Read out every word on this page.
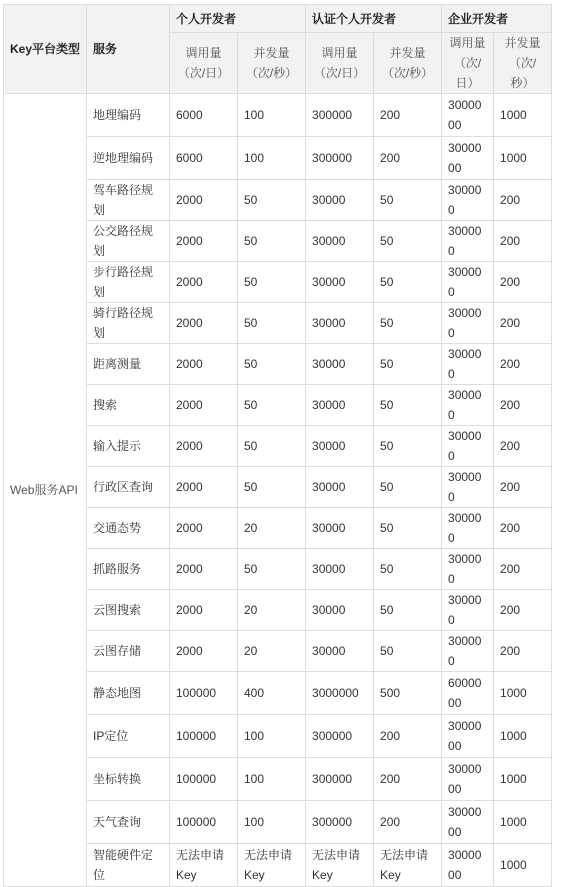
Key平台类型	服务	个人开发者		认证个人开发者		企业开发者	
		调用量（次/日）	并发量（次/秒）	调用量（次/日）	并发量（次/秒）	调用量（次/日）	并发量（次/秒）
Web服务API	地理编码	6000	100	300000	200	3000000	1000
	逆地理编码	6000	100	300000	200	3000000	1000
	驾车路径规划	2000	50	30000	50	300000	200
	公交路径规划	2000	50	30000	50	300000	200
	步行路径规划	2000	50	30000	50	300000	200
	骑行路径规划	2000	50	30000	50	300000	200
	距离测量	2000	50	30000	50	300000	200
	搜索	2000	50	30000	50	300000	200
	输入提示	2000	50	30000	50	300000	200
	行政区查询	2000	50	30000	50	300000	200
	交通态势	2000	20	30000	50	300000	200
	抓路服务	2000	50	30000	50	300000	200
	云图搜索	2000	20	30000	50	300000	200
	云图存储	2000	20	30000	50	300000	200
	静态地图	100000	400	3000000	500	6000000	1000
	IP定位	100000	100	300000	200	3000000	1000
	坐标转换	100000	100	300000	200	3000000	1000
	天气查询	100000	100	300000	200	3000000	1000
	智能硬件定位	无法申请Key	无法申请Key	无法申请Key	无法申请Key	3000000	1000
